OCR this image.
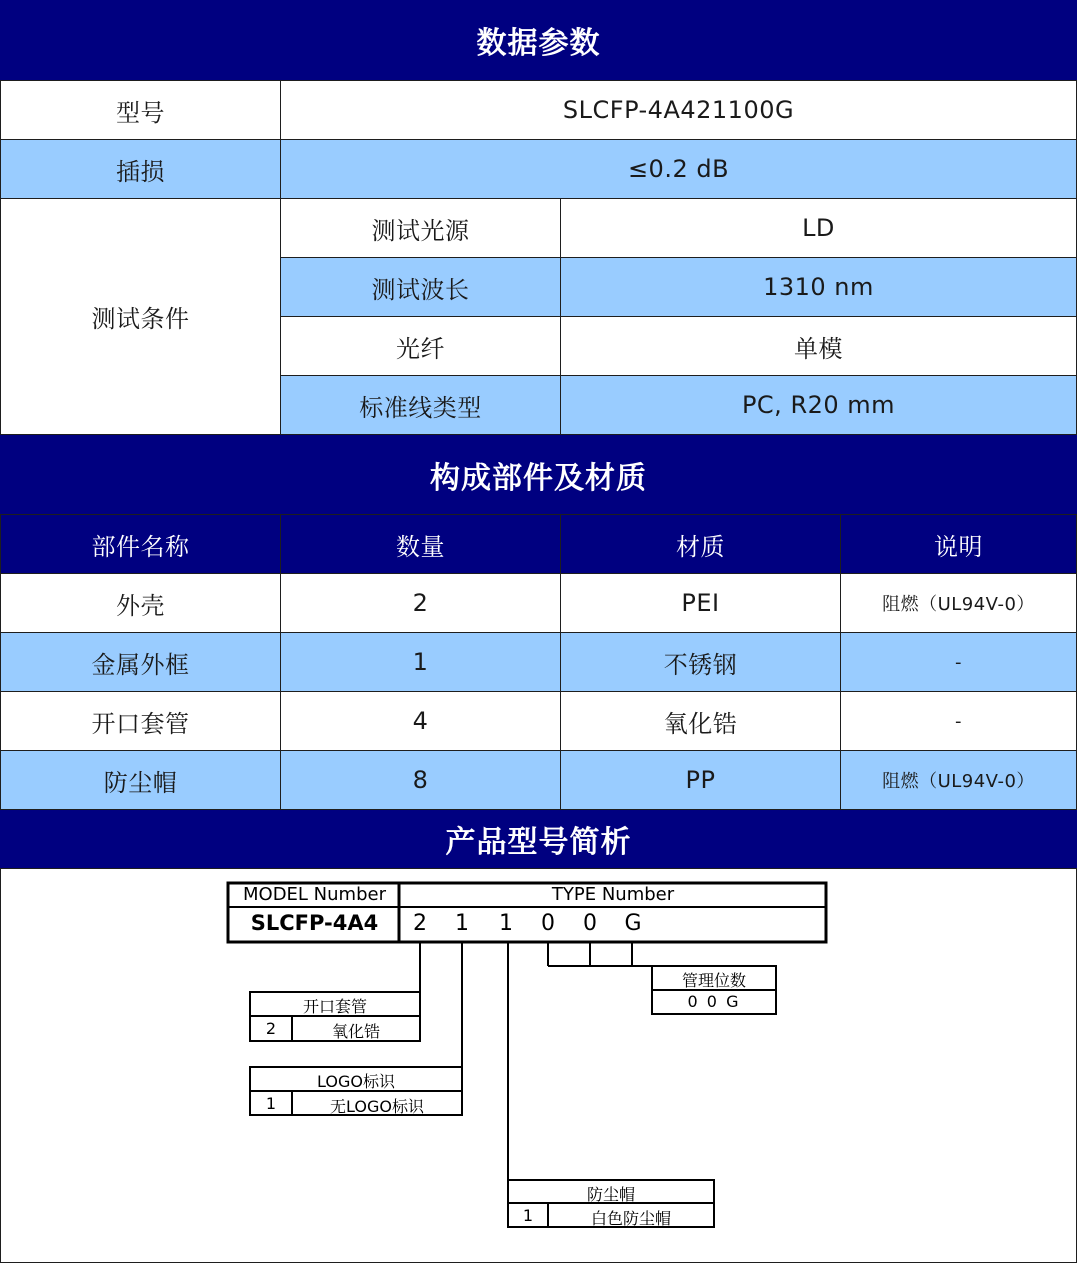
数据参数
型号	SLCFP-4A421100G
插损	≤0.2 dB
测试条件
测试光源	LD
测试波长	1310 nm
光纤	单模
标准线类型	PC, R20 mm
构成部件及材质
部件名称	数量	材质	说明
外壳	2	PEI	阻燃（UL94V-0）
金属外框	1	不锈钢	-
开口套管	4	氧化锆	-
防尘帽	8	PP	阻燃（UL94V-0）
产品型号简析
MODEL Number	TYPE Number
SLCFP-4A4	2 1 1 0 0 G
开口套管
2	氧化锆
LOGO标识
1	无LOGO标识
防尘帽
1	白色防尘帽
管理位数
0 0 G
